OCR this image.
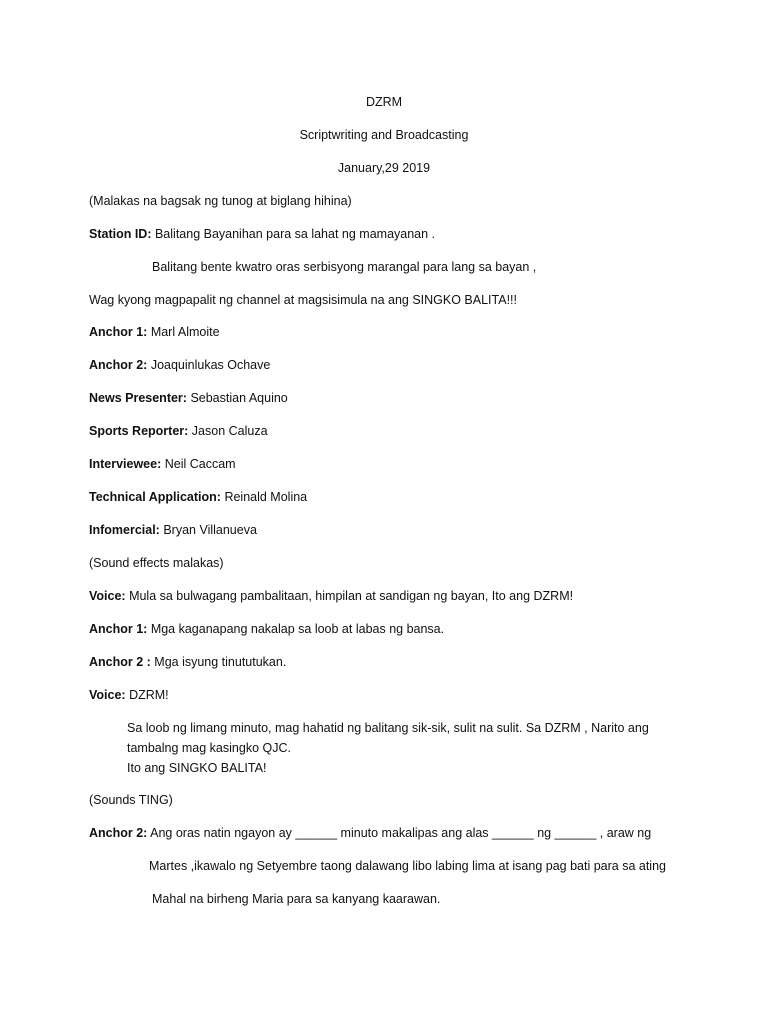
DZRM
Scriptwriting and Broadcasting
January,29 2019
(Malakas na bagsak ng tunog at biglang hihina)
Station ID: Balitang Bayanihan para sa lahat ng mamayanan .
Balitang bente kwatro oras serbisyong marangal para lang sa bayan ,
Wag kyong magpapalit ng channel at magsisimula na ang SINGKO BALITA!!!
Anchor 1: Marl Almoite
Anchor 2: Joaquinlukas Ochave
News Presenter: Sebastian Aquino
Sports Reporter: Jason Caluza
Interviewee: Neil Caccam
Technical Application: Reinald Molina
Infomercial: Bryan Villanueva
(Sound effects malakas)
Voice: Mula sa bulwagang pambalitaan, himpilan at sandigan ng bayan, Ito ang DZRM!
Anchor 1: Mga kaganapang nakalap sa loob at labas ng bansa.
Anchor 2 : Mga isyung tinututukan.
Voice: DZRM!
Sa loob ng limang minuto, mag hahatid ng balitang sik-sik, sulit na sulit. Sa DZRM , Narito ang
tambalng mag kasingko QJC.
Ito ang SINGKO BALITA!
(Sounds TING)
Anchor 2: Ang oras natin ngayon ay ______ minuto makalipas ang alas ______ ng ______ , araw ng
Martes ,ikawalo ng Setyembre taong dalawang libo labing lima at isang pag bati para sa ating
Mahal na birheng Maria para sa kanyang kaarawan.
